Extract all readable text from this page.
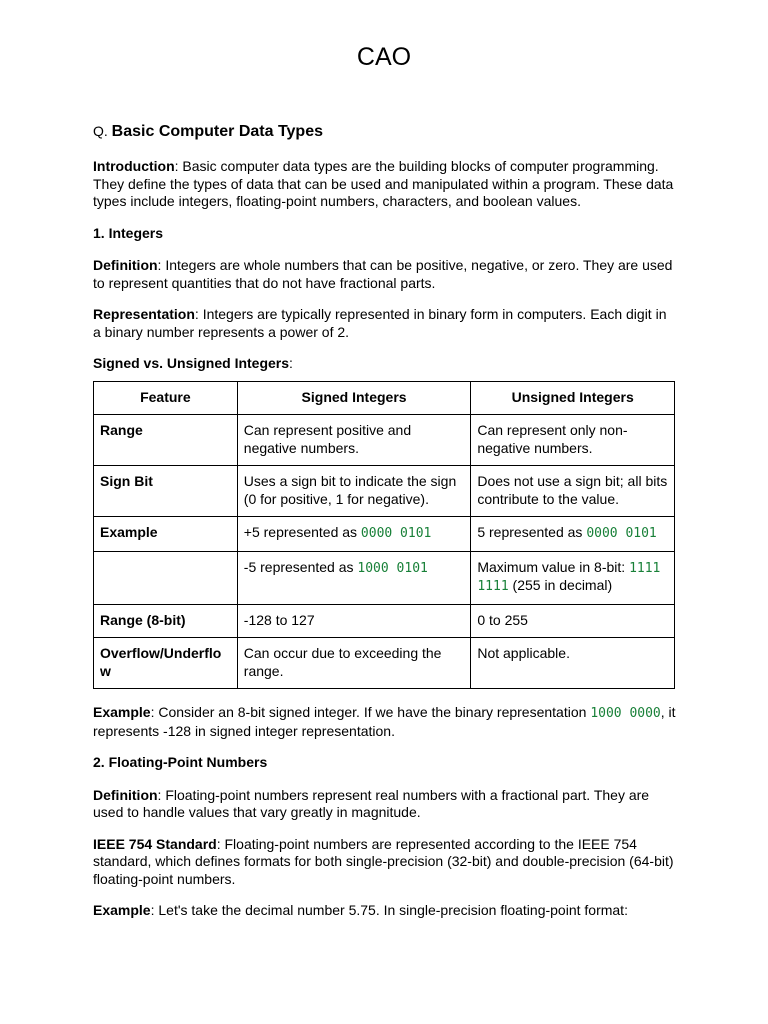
CAO
Q. Basic Computer Data Types

Introduction: Basic computer data types are the building blocks of computer programming. They define the types of data that can be used and manipulated within a program. These data types include integers, floating-point numbers, characters, and boolean values.

1. Integers

Definition: Integers are whole numbers that can be positive, negative, or zero. They are used to represent quantities that do not have fractional parts.

Representation: Integers are typically represented in binary form in computers. Each digit in a binary number represents a power of 2.

Signed vs. Unsigned Integers:

Feature	Signed Integers	Unsigned Integers
Range	Can represent positive and negative numbers.	Can represent only non-negative numbers.
Sign Bit	Uses a sign bit to indicate the sign (0 for positive, 1 for negative).	Does not use a sign bit; all bits contribute to the value.
Example	+5 represented as 0000 0101	5 represented as 0000 0101
	-5 represented as 1000 0101	Maximum value in 8-bit: 1111 1111 (255 in decimal)
Range (8-bit)	-128 to 127	0 to 255
Overflow/Underflow	Can occur due to exceeding the range.	Not applicable.

Example: Consider an 8-bit signed integer. If we have the binary representation 1000 0000, it represents -128 in signed integer representation.

2. Floating-Point Numbers

Definition: Floating-point numbers represent real numbers with a fractional part. They are used to handle values that vary greatly in magnitude.

IEEE 754 Standard: Floating-point numbers are represented according to the IEEE 754 standard, which defines formats for both single-precision (32-bit) and double-precision (64-bit) floating-point numbers.

Example: Let's take the decimal number 5.75. In single-precision floating-point format:
